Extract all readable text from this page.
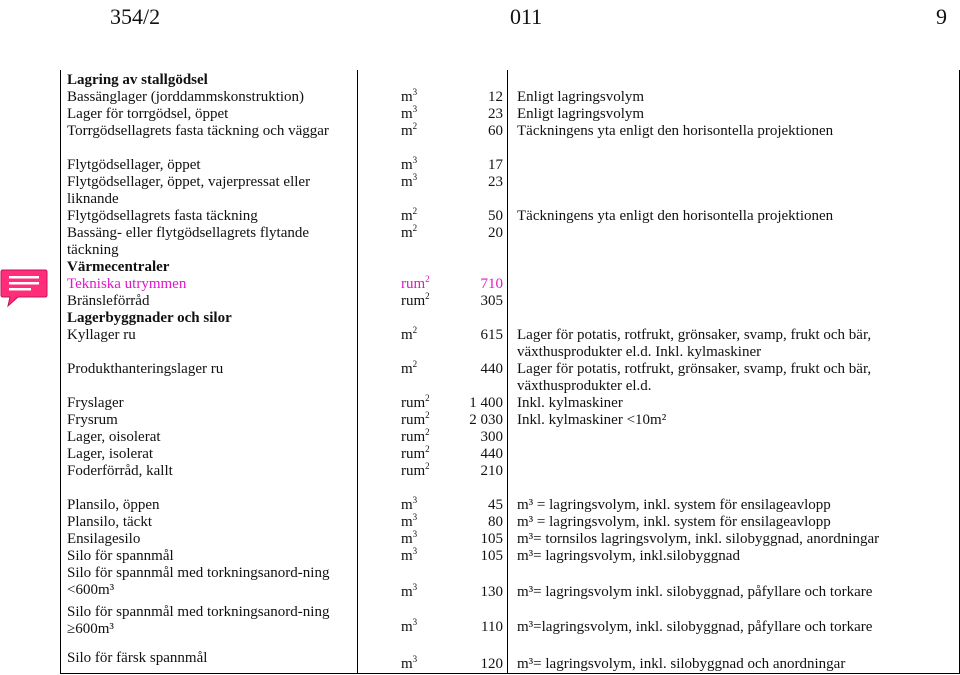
354/2	011	9
Lagring av stallgödsel
Bassänglager (jorddammskonstruktion)	$m^3$	12 Enligt lagringsvolym
Lager för torrgödsel, öppet	$m^3$	23 Enligt lagringsvolym
Torrgödsellagrets fasta täckning och väggar	$m^2$	60 Täckningens yta enligt den horisontella projektionen
Flytgödsellager, öppet	$m^3$	17
Flytgödsellager, öppet, vajerpressat eller liknande
$m^3$	23
Flytgödsellagrets fasta täckning	$m^2$	50 Täckningens yta enligt den horisontella projektionen
Bassäng- eller flytgödsellagrets flytande täckning
$m^2$	20
Värmecentraler
Tekniska utrymmen	rum$^2$	710
Bränsleförråd	rum$^2$	305
Lagerbyggnader och silor
Kyllager ru	$m^2$	615 Lager för potatis, rotfrukt, grönsaker, svamp, frukt och bär, växthusprodukter el.d. Inkl. kylmaskiner
Produkthanteringslager ru	$m^2$	440 Lager för potatis, rotfrukt, grönsaker, svamp, frukt och bär, växthusprodukter el.d.
Fryslager	rum$^2$	1 400 Inkl. kylmaskiner
Frysrum	rum$^2$	2 030 Inkl. kylmaskiner <10m²
Lager, oisolerat	rum$^2$	300
Lager, isolerat	rum$^2$	440
Foderförråd, kallt	rum$^2$	210
Plansilo, öppen	$m^3$	45 m³ = lagringsvolym, inkl. system för ensilageavlopp
Plansilo, täckt	$m^3$	80 m³ = lagringsvolym, inkl. system för ensilageavlopp
Ensilagesilo	$m^3$	105 m³= tornsilos lagringsvolym, inkl. silobyggnad, anordningar
Silo för spannmål	$m^3$	105 m³= lagringsvolym, inkl.silobyggnad
Silo för spannmål med torkningsanord-ning <600m³	$m^3$	130 m³= lagringsvolym inkl. silobyggnad, påfyllare och torkare
Silo för spannmål med torkningsanord-ning ≥600m³	$m^3$	110 m³=lagringsvolym, inkl. silobyggnad, påfyllare och torkare
Silo för färsk spannmål	$m^3$	120 m³= lagringsvolym, inkl. silobyggnad och anordningar
